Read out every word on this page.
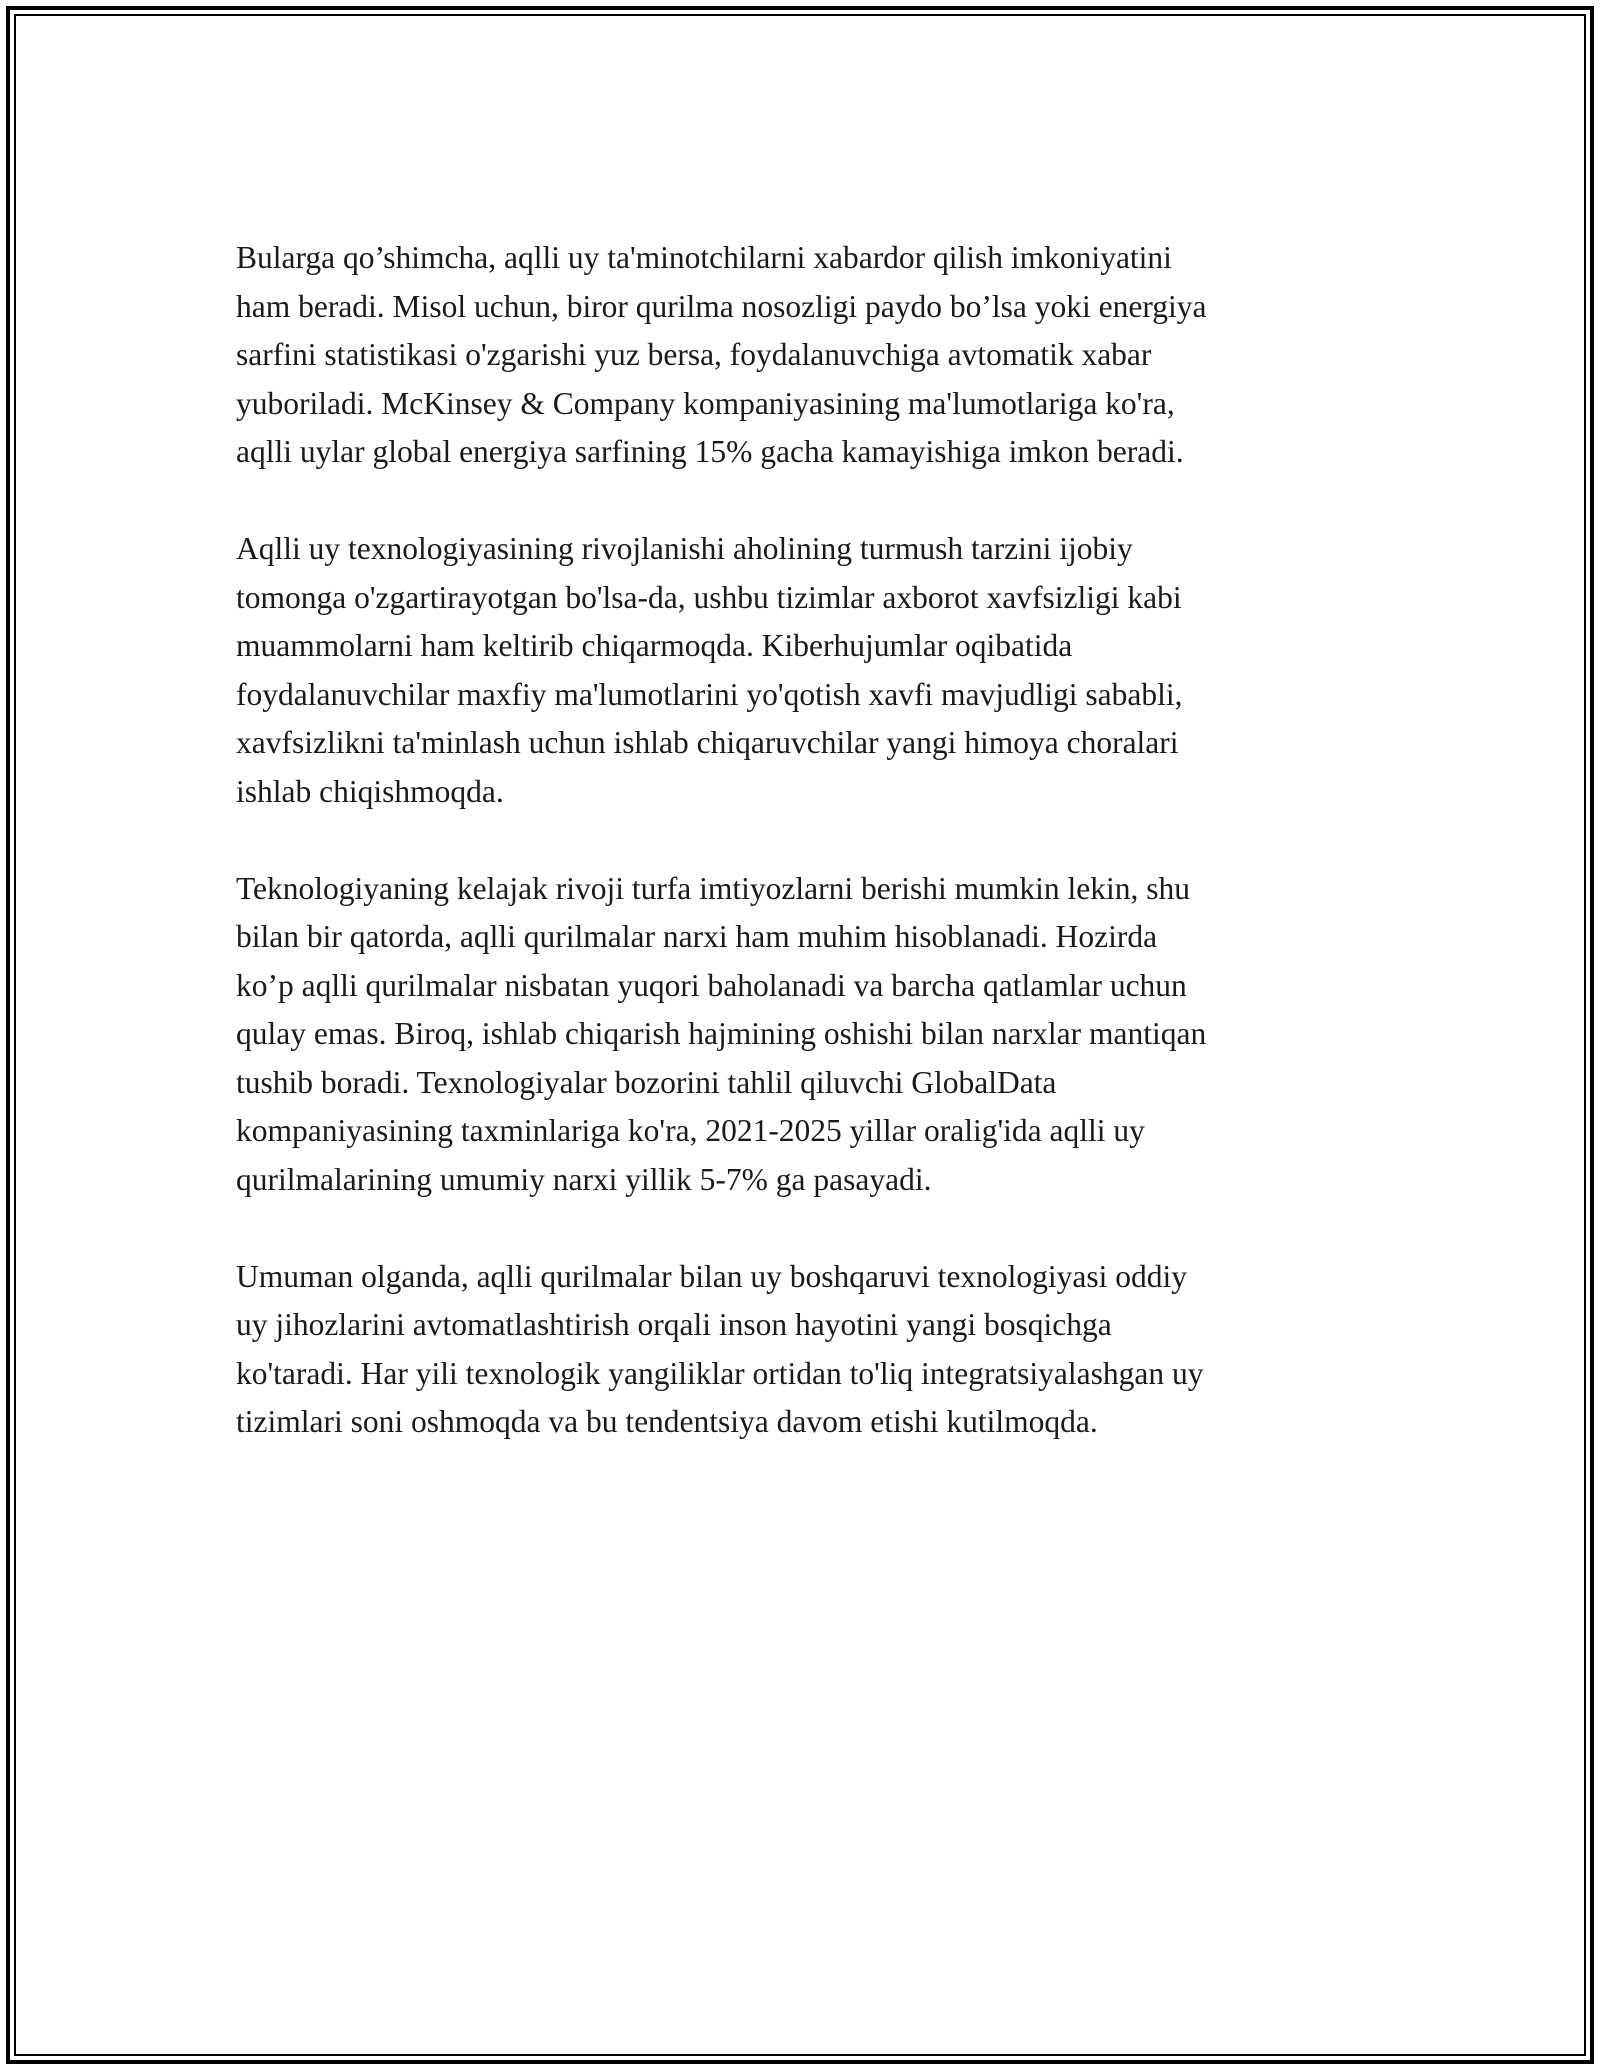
Bularga qo’shimcha, aqlli uy ta'minotchilarni xabardor qilish imkoniyatini
ham beradi. Misol uchun, biror qurilma nosozligi paydo bo’lsa yoki energiya
sarfini statistikasi o'zgarishi yuz bersa, foydalanuvchiga avtomatik xabar
yuboriladi. McKinsey & Company kompaniyasining ma'lumotlariga ko'ra,
aqlli uylar global energiya sarfining 15% gacha kamayishiga imkon beradi.

Aqlli uy texnologiyasining rivojlanishi aholining turmush tarzini ijobiy
tomonga o'zgartirayotgan bo'lsa-da, ushbu tizimlar axborot xavfsizligi kabi
muammolarni ham keltirib chiqarmoqda. Kiberhujumlar oqibatida
foydalanuvchilar maxfiy ma'lumotlarini yo'qotish xavfi mavjudligi sababli,
xavfsizlikni ta'minlash uchun ishlab chiqaruvchilar yangi himoya choralari
ishlab chiqishmoqda.

Teknologiyaning kelajak rivoji turfa imtiyozlarni berishi mumkin lekin, shu
bilan bir qatorda, aqlli qurilmalar narxi ham muhim hisoblanadi. Hozirda
ko’p aqlli qurilmalar nisbatan yuqori baholanadi va barcha qatlamlar uchun
qulay emas. Biroq, ishlab chiqarish hajmining oshishi bilan narxlar mantiqan
tushib boradi. Texnologiyalar bozorini tahlil qiluvchi GlobalData
kompaniyasining taxminlariga ko'ra, 2021-2025 yillar oralig'ida aqlli uy
qurilmalarining umumiy narxi yillik 5-7% ga pasayadi.

Umuman olganda, aqlli qurilmalar bilan uy boshqaruvi texnologiyasi oddiy
uy jihozlarini avtomatlashtirish orqali inson hayotini yangi bosqichga
ko'taradi. Har yili texnologik yangiliklar ortidan to'liq integratsiyalashgan uy
tizimlari soni oshmoqda va bu tendentsiya davom etishi kutilmoqda.
